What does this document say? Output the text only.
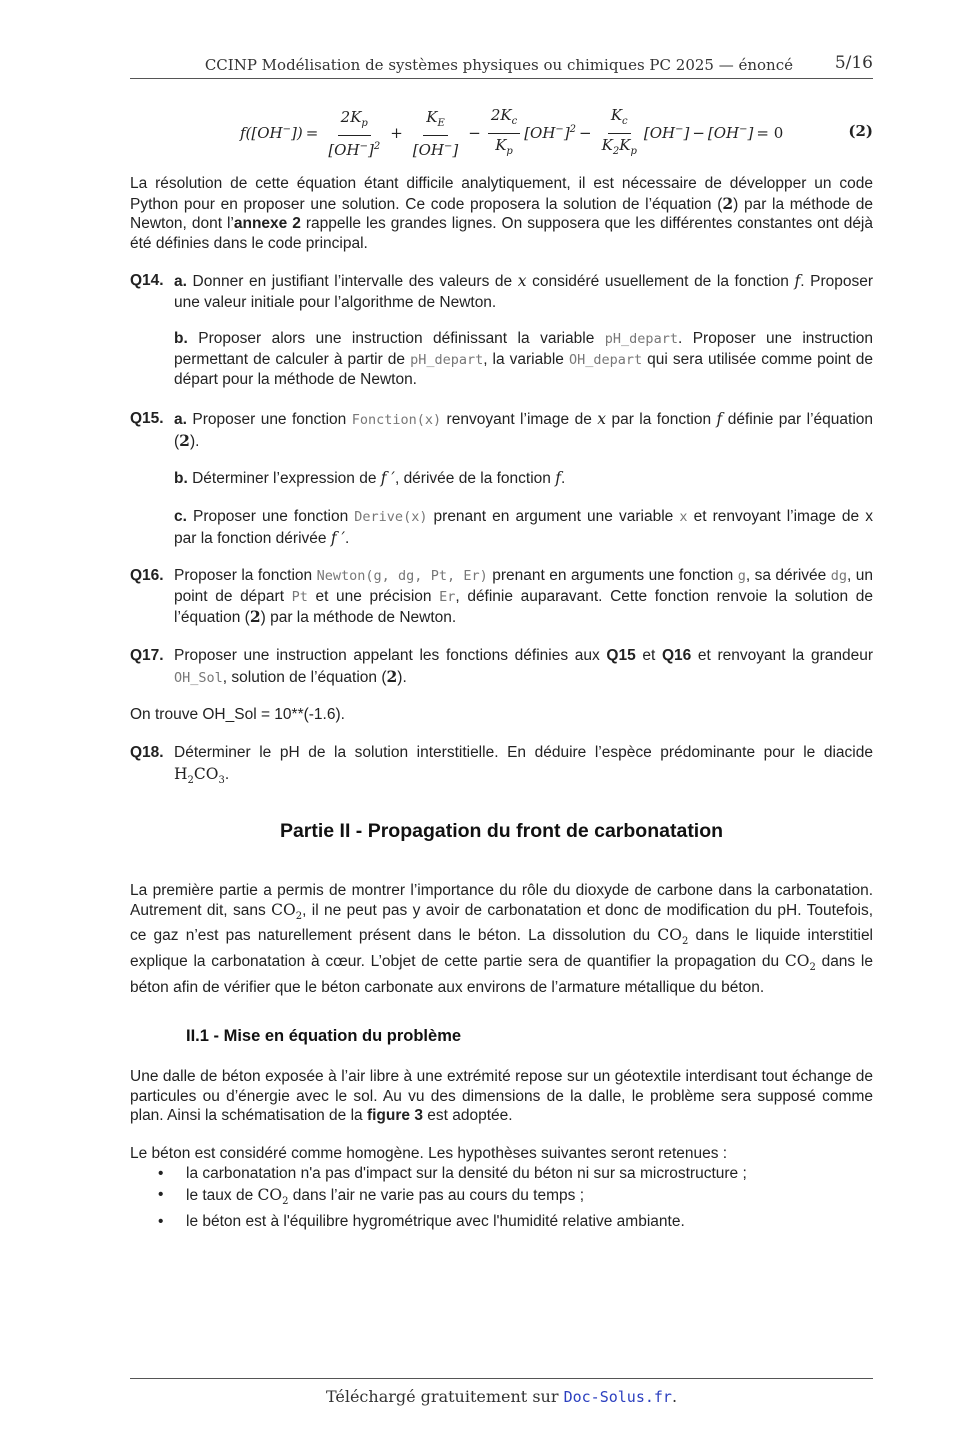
CCINP Modélisation de systèmes physiques ou chimiques PC 2025 — énoncé 5/16
$f([OH^-]) = \frac{2K_p}{[OH^-]^2} + \frac{K_E}{[OH^-]} - \frac{2K_c}{K_p} [OH^-]^2 - \frac{K_c}{K_2K_p} [OH^-] - [OH^-] = 0$	(2)
La résolution de cette équation étant difficile analytiquement, il est nécessaire de développer un code Python pour en proposer une solution. Ce code proposera la solution de l’équation (2) par la méthode de Newton, dont l’annexe 2 rappelle les grandes lignes. On supposera que les différentes constantes ont déjà été définies dans le code principal.
Q14. a. Donner en justifiant l’intervalle des valeurs de x considéré usuellement de la fonction f. Proposer une valeur initiale pour l’algorithme de Newton.
b. Proposer alors une instruction définissant la variable pH_depart. Proposer une instruction permettant de calculer à partir de pH_depart, la variable OH_depart qui sera utilisée comme point de départ pour la méthode de Newton.
Q15. a. Proposer une fonction Fonction(x) renvoyant l’image de x par la fonction f définie par l’équation (2).
b. Déterminer l’expression de f ′, dérivée de la fonction f.
c. Proposer une fonction Derive(x) prenant en argument une variable x et renvoyant l’image de x par la fonction dérivée f ′.
Q16. Proposer la fonction Newton(g, dg, Pt, Er) prenant en arguments une fonction g, sa dérivée dg, un point de départ Pt et une précision Er, définie auparavant. Cette fonction renvoie la solution de l’équation (2) par la méthode de Newton.
Q17. Proposer une instruction appelant les fonctions définies aux Q15 et Q16 et renvoyant la grandeur OH_Sol, solution de l’équation (2).
On trouve OH_Sol = 10**(-1.6).
Q18. Déterminer le pH de la solution interstitielle. En déduire l’espèce prédominante pour le diacide $H_2CO_3$.
Partie II - Propagation du front de carbonatation
La première partie a permis de montrer l’importance du rôle du dioxyde de carbone dans la carbonatation. Autrement dit, sans $CO_2$, il ne peut pas y avoir de carbonatation et donc de modification du pH. Toutefois, ce gaz n’est pas naturellement présent dans le béton. La dissolution du $CO_2$ dans le liquide interstitiel explique la carbonatation à cœur. L’objet de cette partie sera de quantifier la propagation du $CO_2$ dans le béton afin de vérifier que le béton carbonate aux environs de l’armature métallique du béton.
II.1 - Mise en équation du problème
Une dalle de béton exposée à l’air libre à une extrémité repose sur un géotextile interdisant tout échange de particules ou d’énergie avec le sol. Au vu des dimensions de la dalle, le problème sera supposé comme plan. Ainsi la schématisation de la figure 3 est adoptée.
Le béton est considéré comme homogène. Les hypothèses suivantes seront retenues :
• la carbonatation n'a pas d'impact sur la densité du béton ni sur sa microstructure ;
• le taux de $CO_2$ dans l’air ne varie pas au cours du temps ;
• le béton est à l'équilibre hygrométrique avec l'humidité relative ambiante.
Téléchargé gratuitement sur Doc-Solus.fr.
